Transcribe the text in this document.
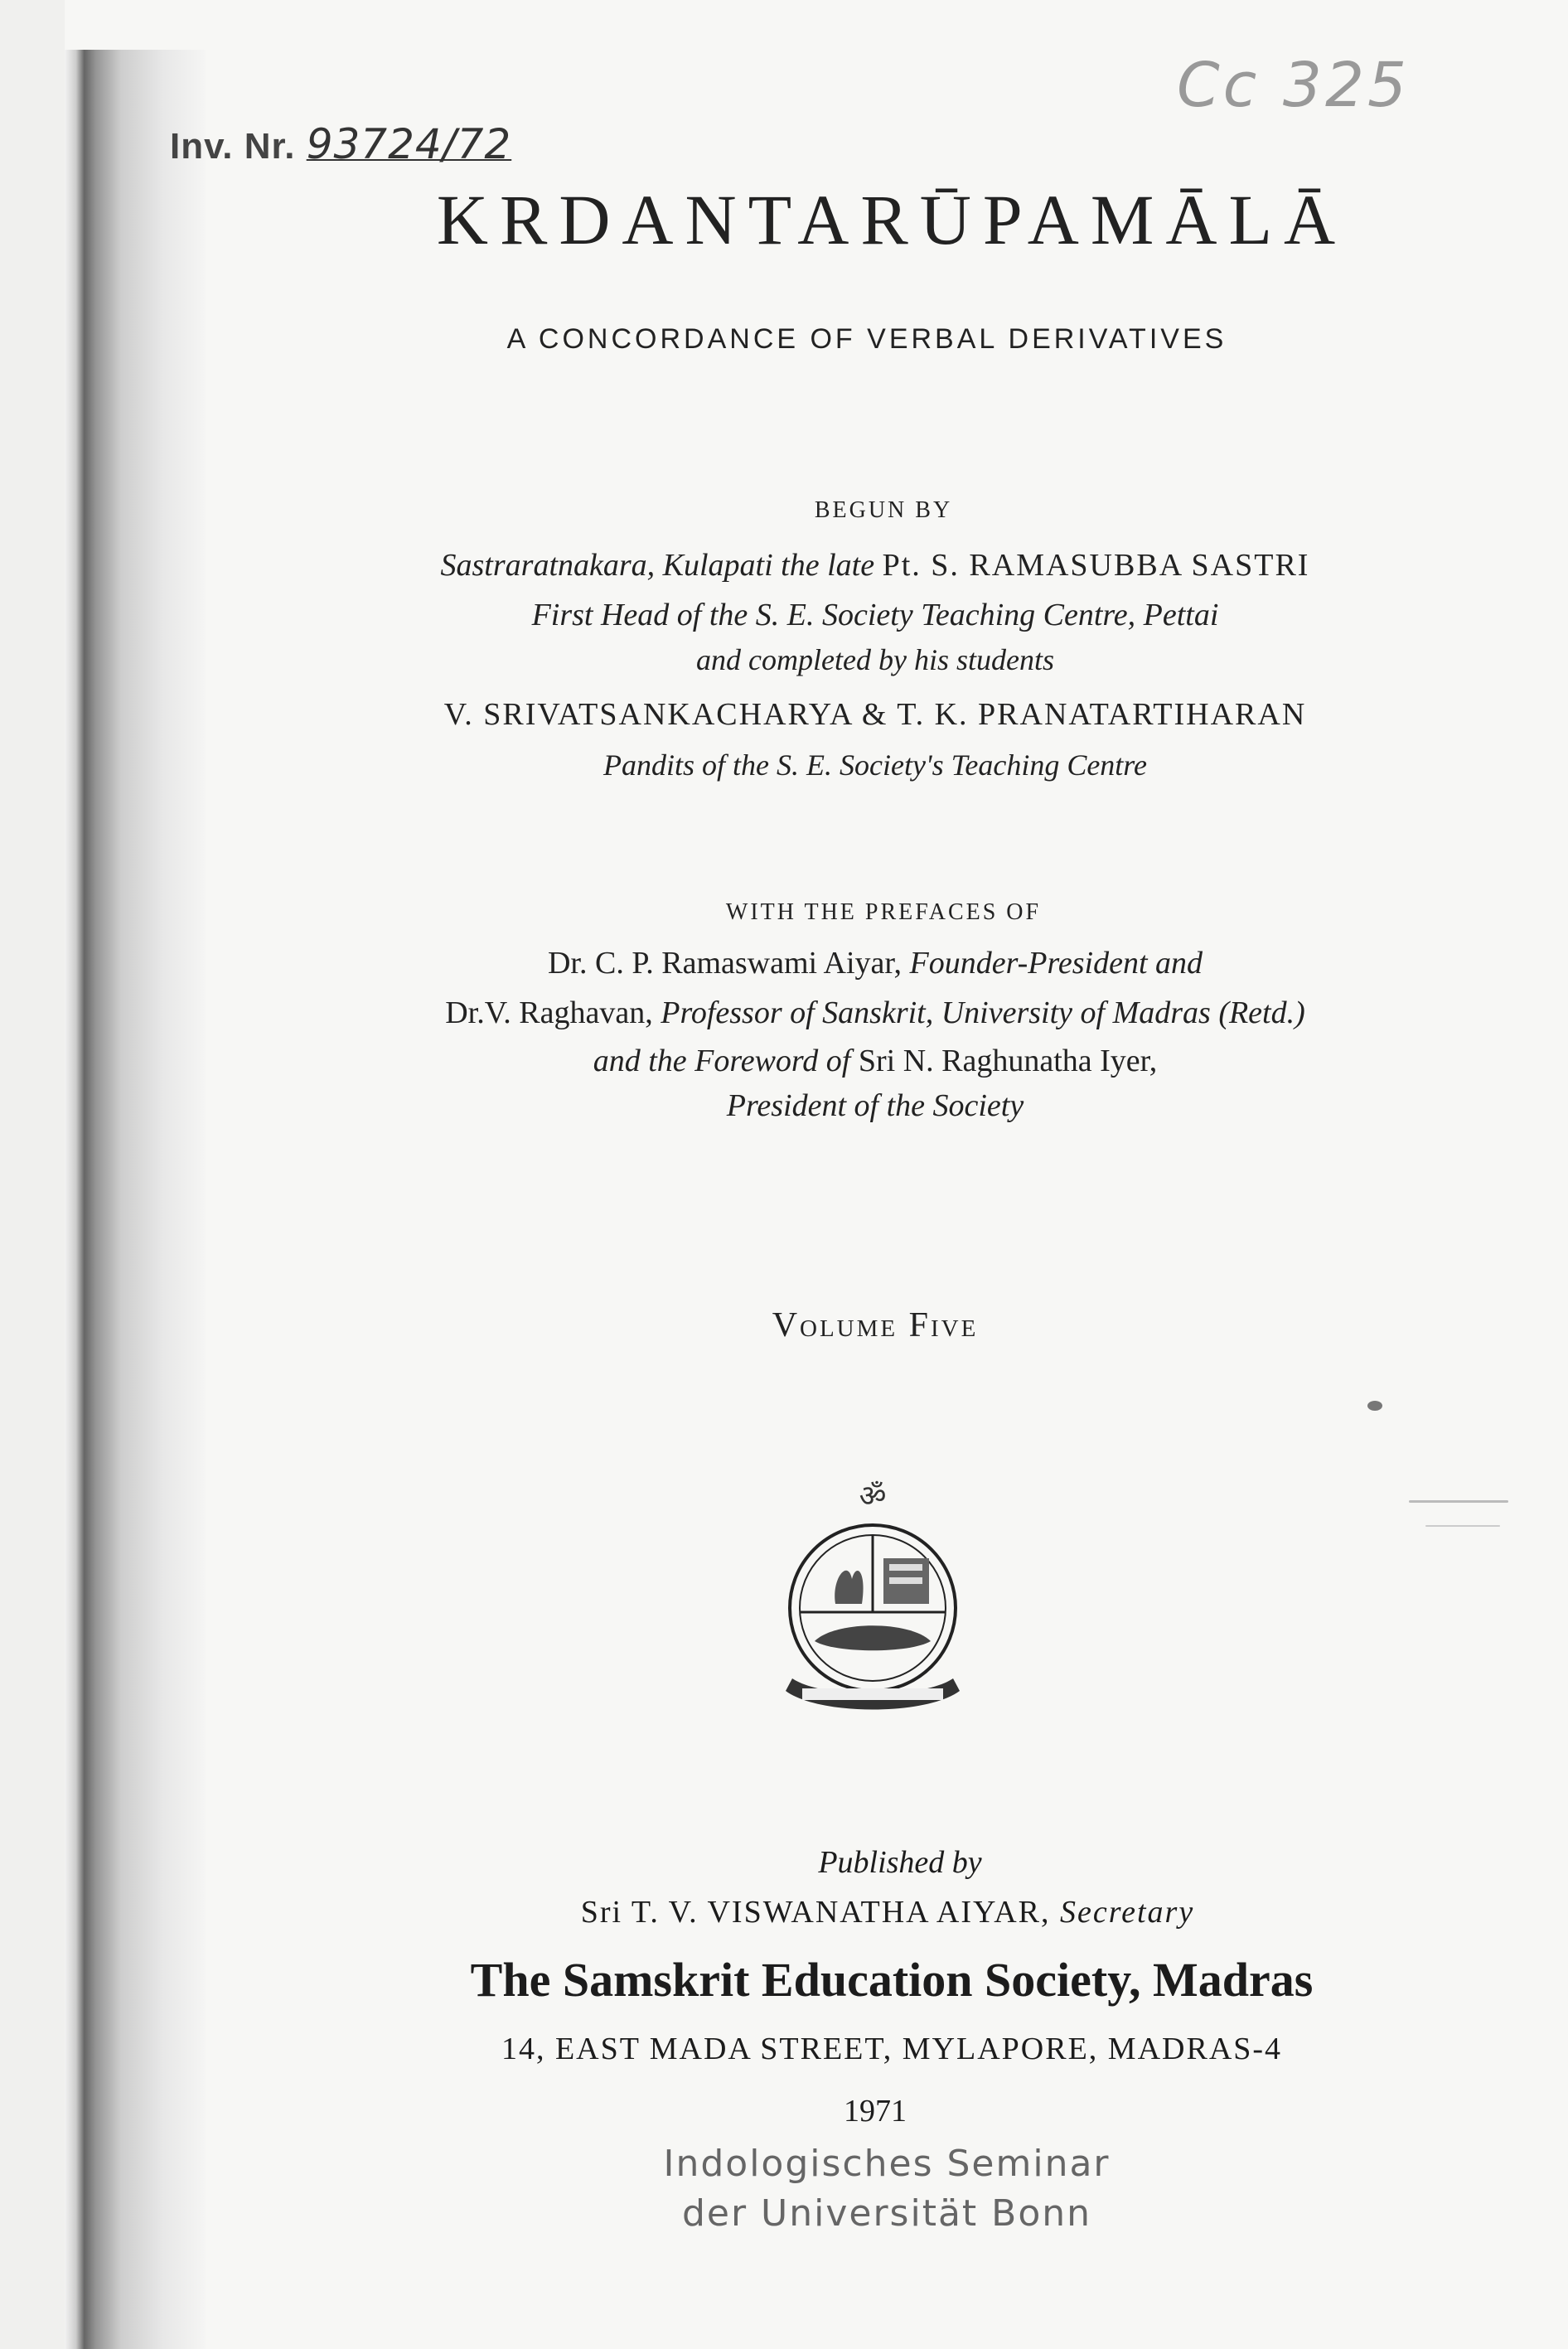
Inv. Nr. 93724/72
Cc 325
KRDANTARŪPAMĀLĀ
A CONCORDANCE OF VERBAL DERIVATIVES
BEGUN BY
Sastraratnakara, Kulapati the late Pt. S. RAMASUBBA SASTRI
First Head of the S. E. Society Teaching Centre, Pettai
and completed by his students
V. SRIVATSANKACHARYA & T. K. PRANATARTIHARAN
Pandits of the S. E. Society's Teaching Centre
WITH THE PREFACES OF
Dr. C. P. Ramaswami Aiyar, Founder-President and
Dr.V. Raghavan, Professor of Sanskrit, University of Madras (Retd.)
and the Foreword of Sri N. Raghunatha Iyer,
President of the Society
Volume Five
ॐ
Published by
Sri T. V. VISWANATHA AIYAR, Secretary
The Samskrit Education Society, Madras
14, EAST MADA STREET, MYLAPORE, MADRAS-4
1971
Indologisches Seminar
der Universität Bonn
